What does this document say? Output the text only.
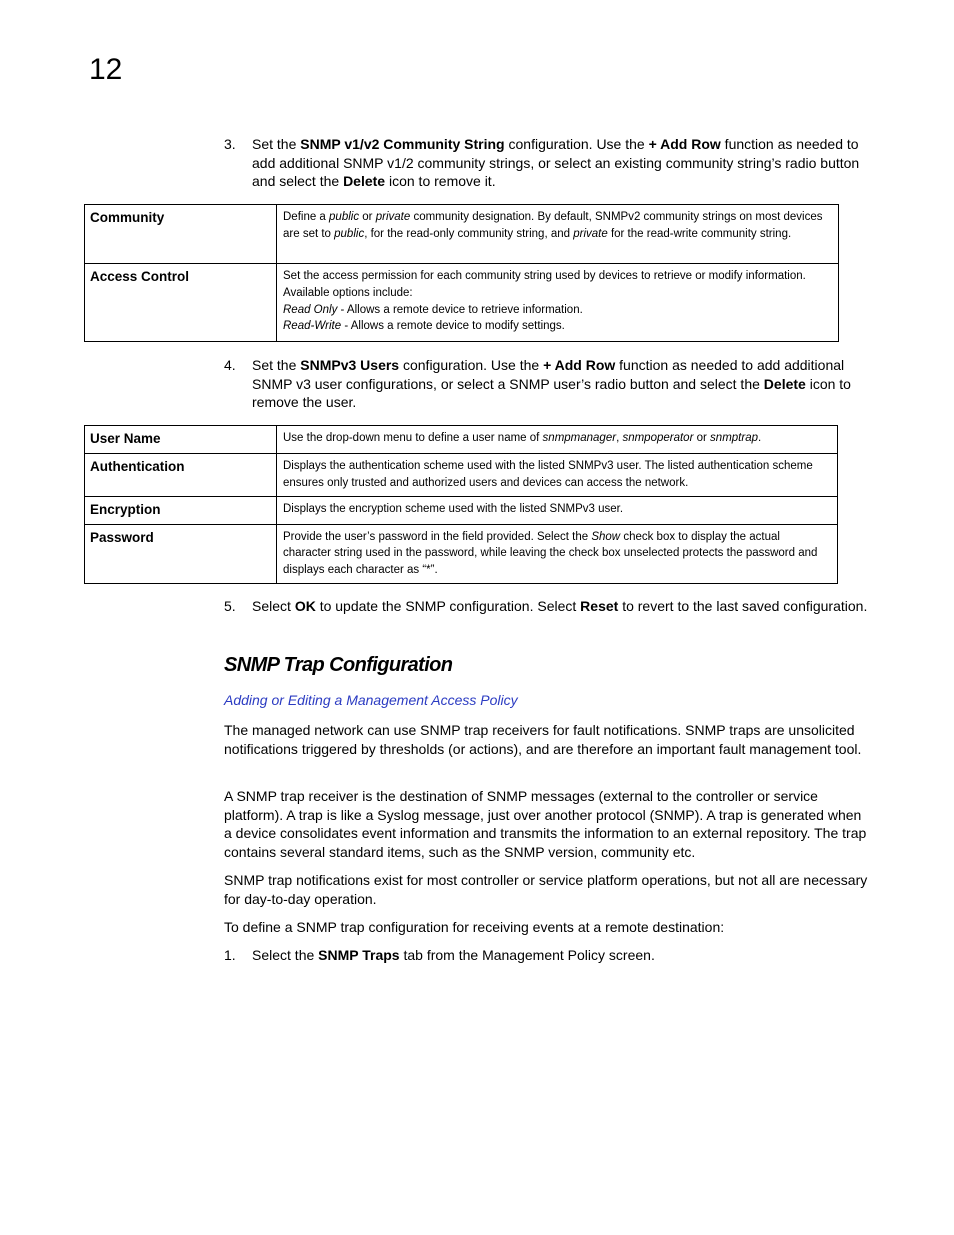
12
3. Set the SNMP v1/v2 Community String configuration. Use the + Add Row function as needed to add additional SNMP v1/2 community strings, or select an existing community string’s radio button and select the Delete icon to remove it.
Community	Define a public or private community designation. By default, SNMPv2 community strings on most devices are set to public, for the read-only community string, and private for the read-write community string.
Access Control	Set the access permission for each community string used by devices to retrieve or modify information. Available options include:
Read Only - Allows a remote device to retrieve information.
Read-Write - Allows a remote device to modify settings.
4. Set the SNMPv3 Users configuration. Use the + Add Row function as needed to add additional SNMP v3 user configurations, or select a SNMP user’s radio button and select the Delete icon to remove the user.
User Name	Use the drop-down menu to define a user name of snmpmanager, snmpoperator or snmptrap.
Authentication	Displays the authentication scheme used with the listed SNMPv3 user. The listed authentication scheme ensures only trusted and authorized users and devices can access the network.
Encryption	Displays the encryption scheme used with the listed SNMPv3 user.
Password	Provide the user’s password in the field provided. Select the Show check box to display the actual character string used in the password, while leaving the check box unselected protects the password and displays each character as “*”.
5. Select OK to update the SNMP configuration. Select Reset to revert to the last saved configuration.
SNMP Trap Configuration
Adding or Editing a Management Access Policy
The managed network can use SNMP trap receivers for fault notifications. SNMP traps are unsolicited notifications triggered by thresholds (or actions), and are therefore an important fault management tool.
A SNMP trap receiver is the destination of SNMP messages (external to the controller or service platform). A trap is like a Syslog message, just over another protocol (SNMP). A trap is generated when a device consolidates event information and transmits the information to an external repository. The trap contains several standard items, such as the SNMP version, community etc.
SNMP trap notifications exist for most controller or service platform operations, but not all are necessary for day-to-day operation.
To define a SNMP trap configuration for receiving events at a remote destination:
1. Select the SNMP Traps tab from the Management Policy screen.
